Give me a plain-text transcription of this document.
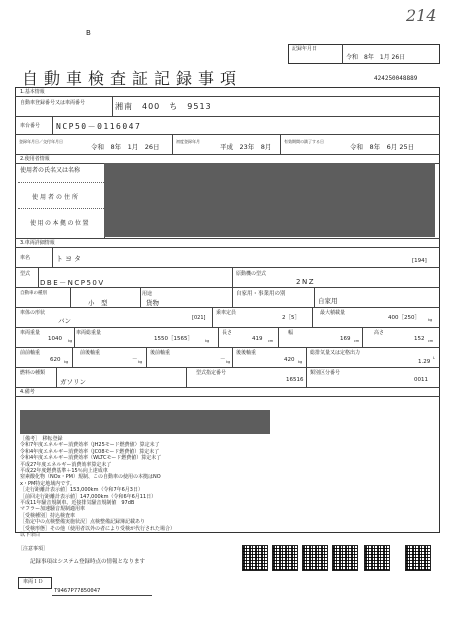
214
B
記録年月日
令和　8年　1月 26日
自動車検査証記録事項	424250048889
1.基本情報
自動車登録番号又は車両番号	湘南　400　ち　9513
車台番号 NCP50－0116047
登録年月日／交付年月日
令和　8年　1月　26日
初度登録年月
平成　23年　8月
有効期間の満了する日
令和　8年　6月 25日
2.使用者情報
使用者の氏名又は名称
使用者の住所
使用の本拠の位置
3.車両詳細情報
車名	トヨタ	[194]
型式
DBE－NCP50V
原動機の型式
2NZ
自動車の種別
小　型
用途
貨物
自家用・事業用の別
自家用
車体の形状
バン	[021]
乗車定員
2［5］
最大積載量
400［250］ kg
車両重量
1040 kg
車両総重量
1550［1565］	kg
長さ
419 cm
幅
169 cm
高さ
152 cm
前前軸重
620 kg
前後軸重
－ kg
後前軸重
－ kg
後後軸重
420 kg
総排気量又は定格出力
1.29
L
燃料の種類
ガソリン
型式指定番号
16516
類別区分番号
0011
4.備考
［備考］　移転登録
令和7年度エネルギー消費効率（JH25モード燃費値）算定未了
令和4年度エネルギー消費効率（JC08モード燃費値）算定未了
令和4年度エネルギー消費効率（WLTCモード燃費値）算定未了
平成27年度エネルギー消費効率算定未了
平成22年度燃費基準＋15％向上達成車
窒素酸化物（NOx・PM）規制、この自動車の使用の本拠はNO
x・PM特定地域内です。
［走行距離計表示値］153,000km（令和7年6月3日）
［前回走行距離計表示値］147,000km（令和6年6月11日）
平成11年騒音規制車、近接排気騒音規制値　97dB
マフラー加速騒音規制適用車
［受検種別］持込検査車
［指定中の点検整備実施状況］点検整備記録簿記載あり
［受検形態］その他（使用者以外の者により受検が代行された場合）
以下余白
［注意事項］
記録事項はシステム登録時点の情報となります
車両ＩＤ
T9467P7785O047
